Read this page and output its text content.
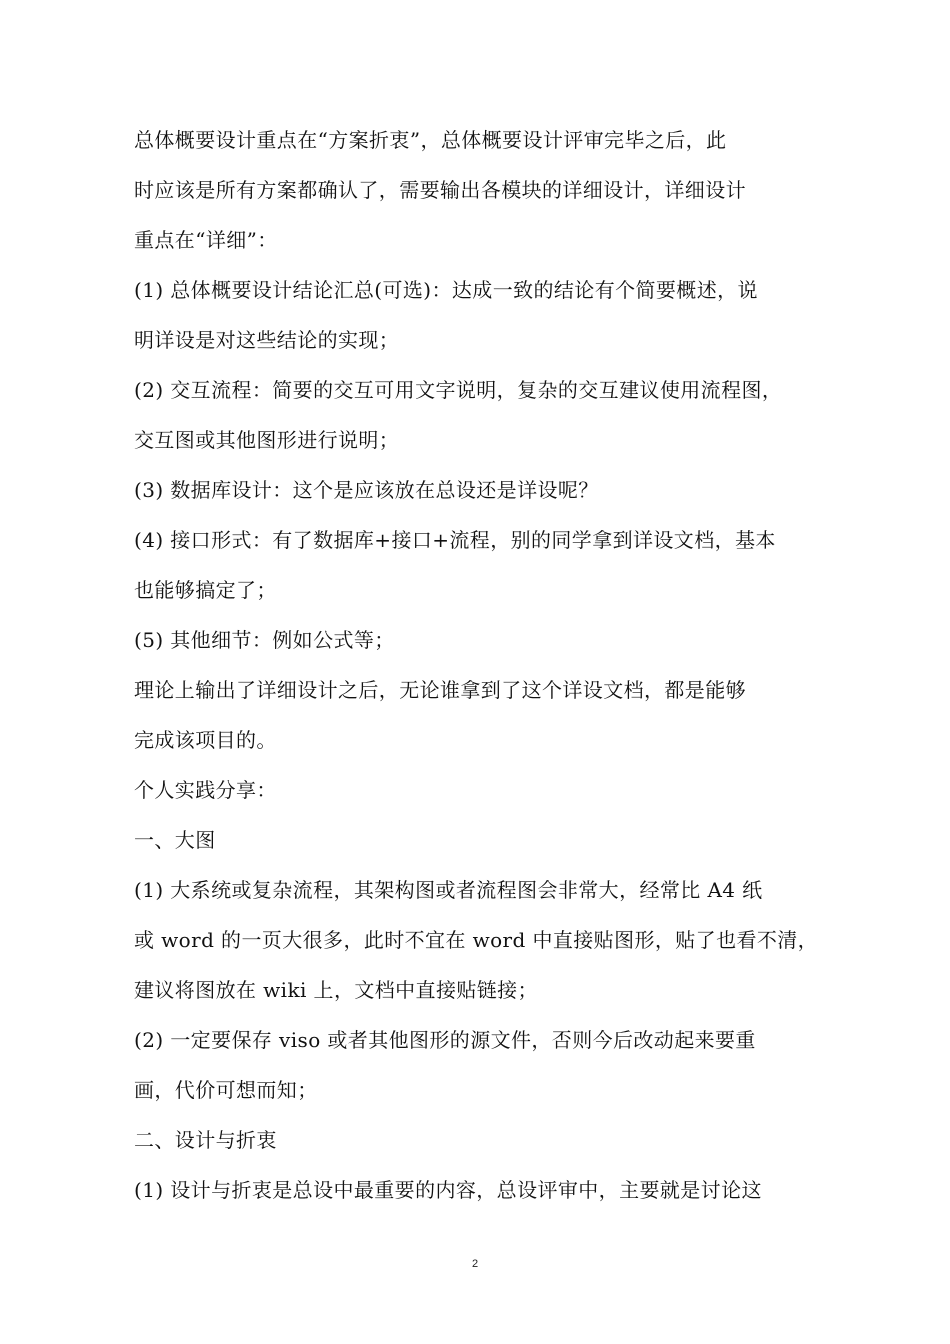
总体概要设计重点在“方案折衷”，总体概要设计评审完毕之后，此
时应该是所有方案都确认了，需要输出各模块的详细设计，详细设计
重点在“详细”：
(1) 总体概要设计结论汇总(可选)：达成一致的结论有个简要概述，说
明详设是对这些结论的实现；
(2) 交互流程：简要的交互可用文字说明，复杂的交互建议使用流程图，
交互图或其他图形进行说明；
(3) 数据库设计：这个是应该放在总设还是详设呢？
(4) 接口形式：有了数据库+接口+流程，别的同学拿到详设文档，基本
也能够搞定了；
(5) 其他细节：例如公式等；
理论上输出了详细设计之后，无论谁拿到了这个详设文档，都是能够
完成该项目的。
个人实践分享：
一、大图
(1) 大系统或复杂流程，其架构图或者流程图会非常大，经常比 A4 纸
或 word 的一页大很多，此时不宜在 word 中直接贴图形，贴了也看不清，
建议将图放在 wiki 上，文档中直接贴链接；
(2) 一定要保存 viso 或者其他图形的源文件，否则今后改动起来要重
画，代价可想而知；
二、设计与折衷
(1) 设计与折衷是总设中最重要的内容，总设评审中，主要就是讨论这
2
